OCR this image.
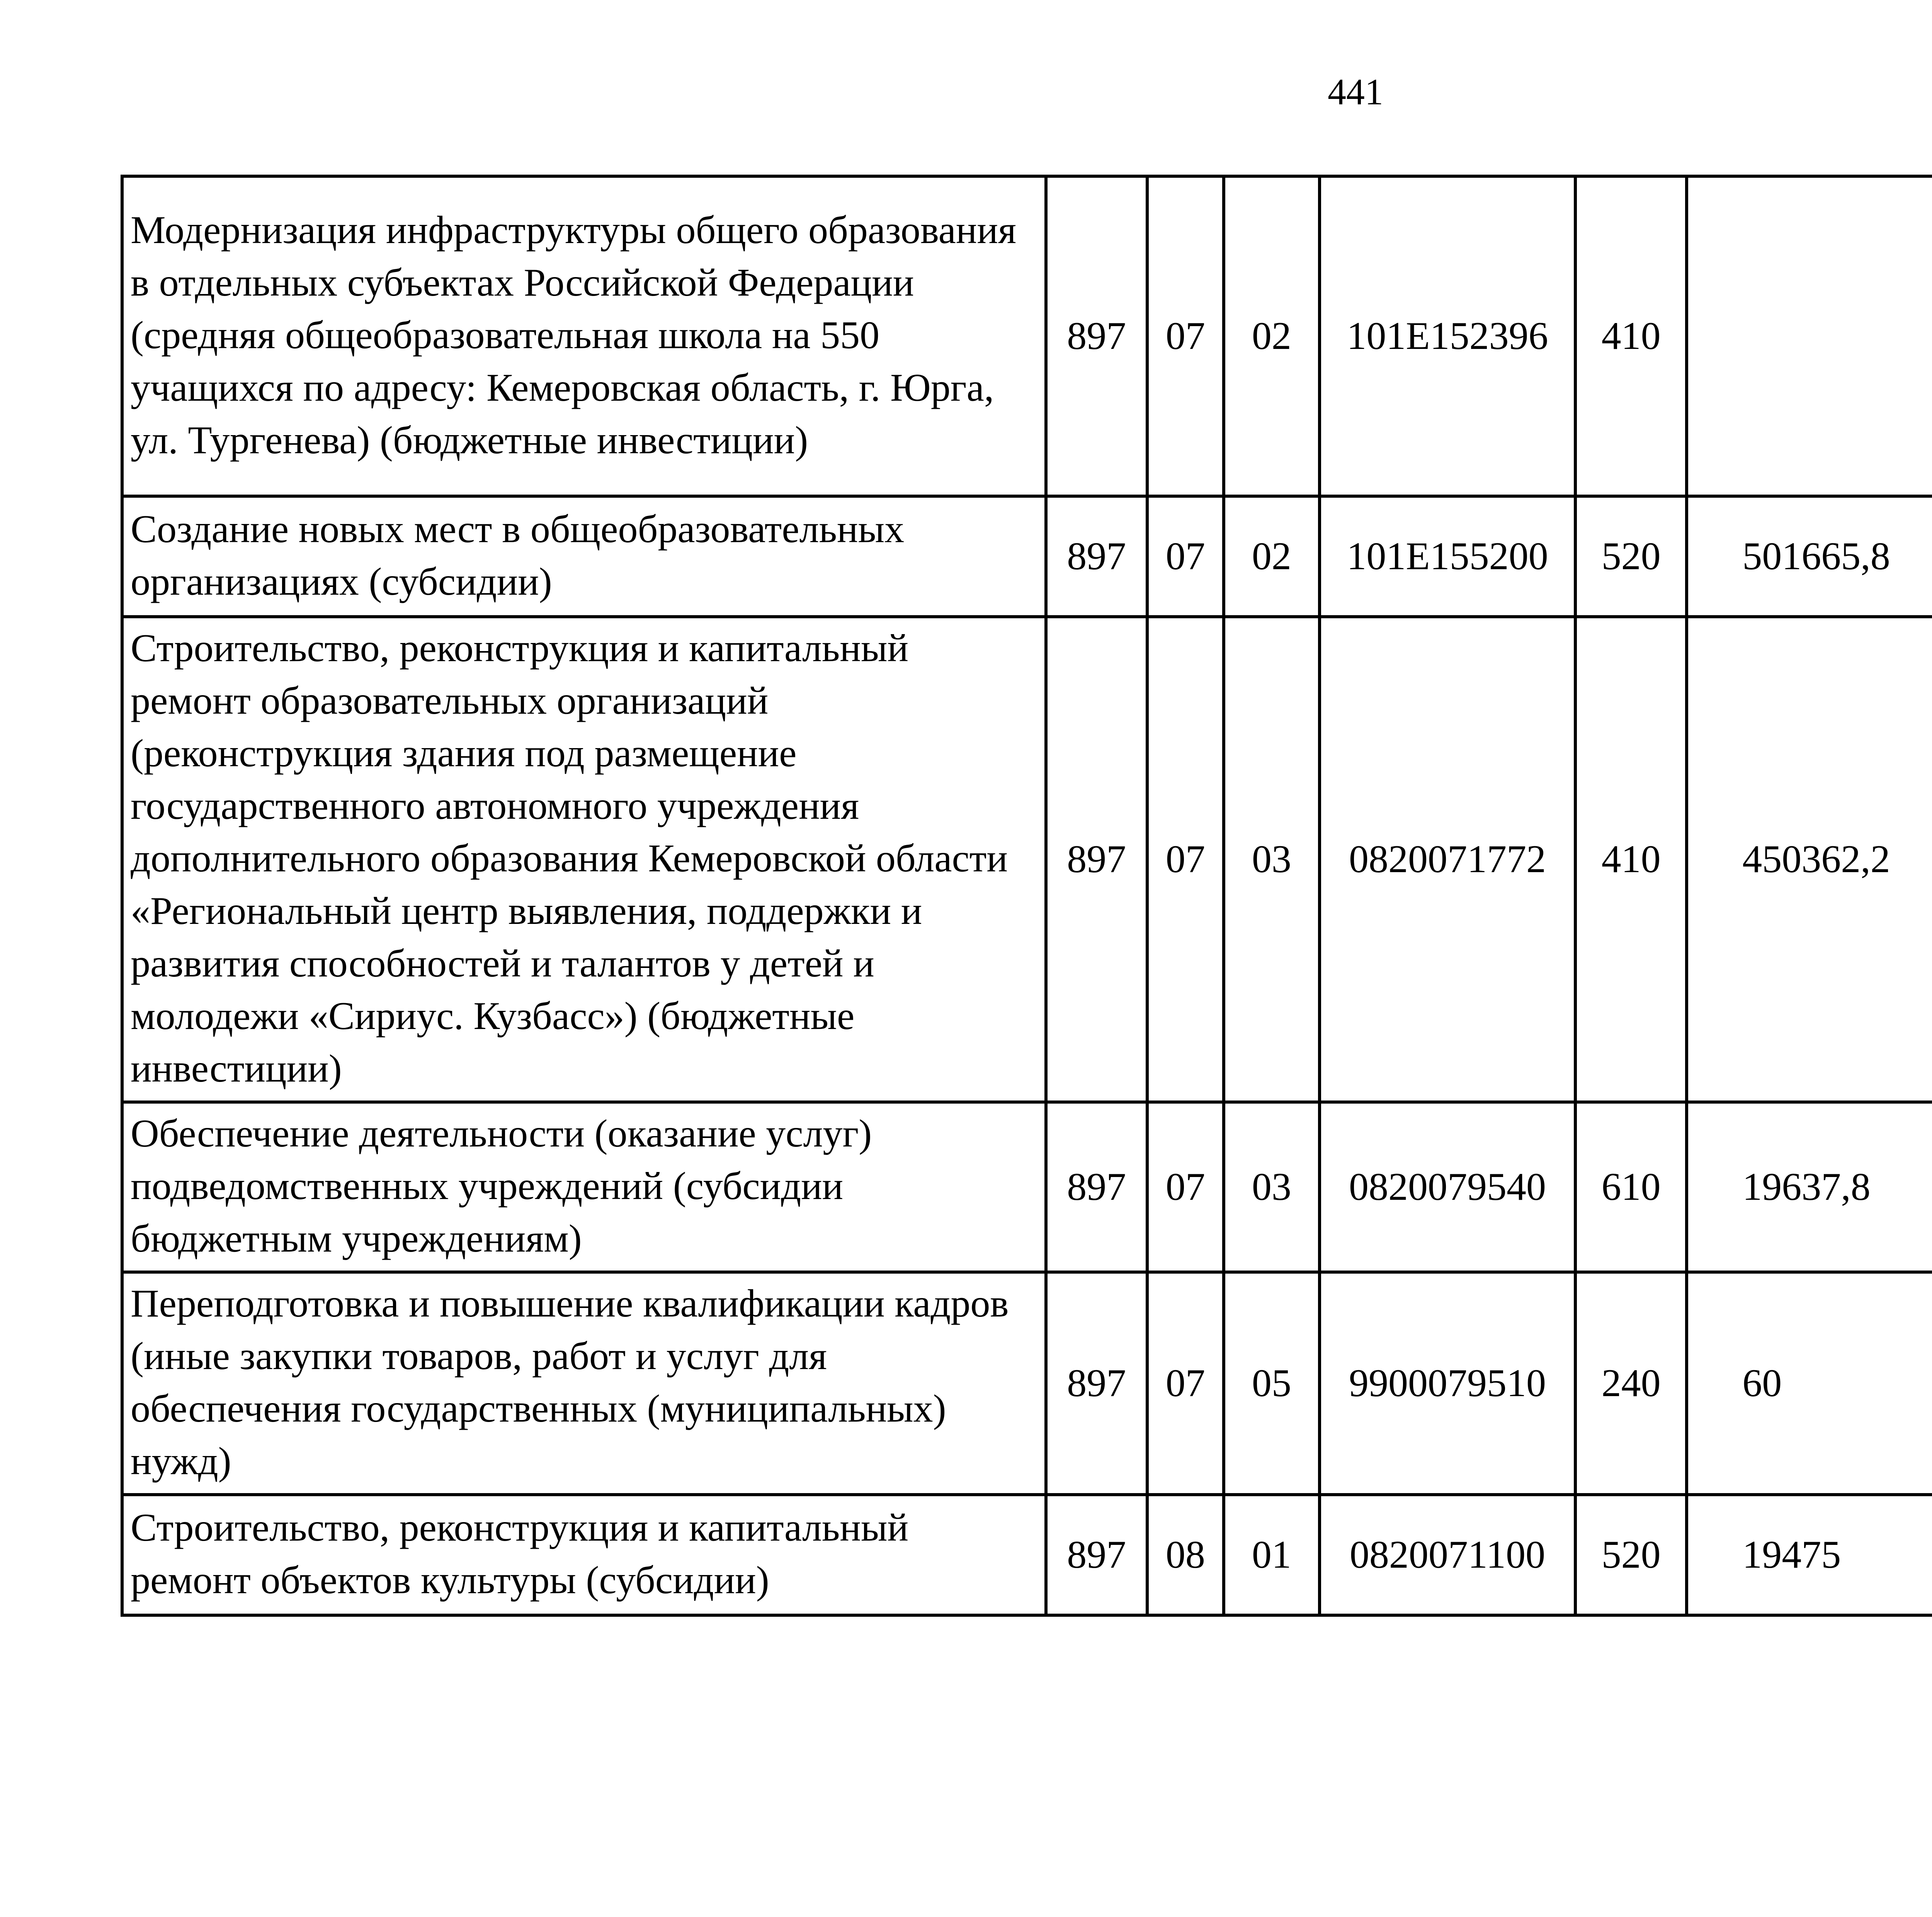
441
Модернизация инфраструктуры общего образования в отдельных субъектах Российской Федерации (средняя общеобразовательная школа на 550 учащихся по адресу: Кемеровская область, г. Юрга, ул. Тургенева) (бюджетные инвестиции)	897	07	02	101E152396	410			
Создание новых мест в общеобразовательных организациях (субсидии)	897	07	02	101E155200	520	501665,8		
Строительство, реконструкция и капитальный ремонт образовательных организаций (реконструкция здания под размещение государственного автономного учреждения дополнительного образования Кемеровской области «Региональный центр выявления, поддержки и развития способностей и талантов у детей и молодежи «Сириус. Кузбасс») (бюджетные инвестиции)	897	07	03	0820071772	410	450362,2		
Обеспечение деятельности (оказание услуг) подведомственных учреждений (субсидии бюджетным учреждениям)	897	07	03	0820079540	610	19637,8		
Переподготовка и повышение квалификации кадров (иные закупки товаров, работ и услуг для обеспечения государственных (муниципальных) нужд)	897	07	05	9900079510	240	60		
Строительство, реконструкция и капитальный ремонт объектов культуры (субсидии)	897	08	01	0820071100	520	19475		
